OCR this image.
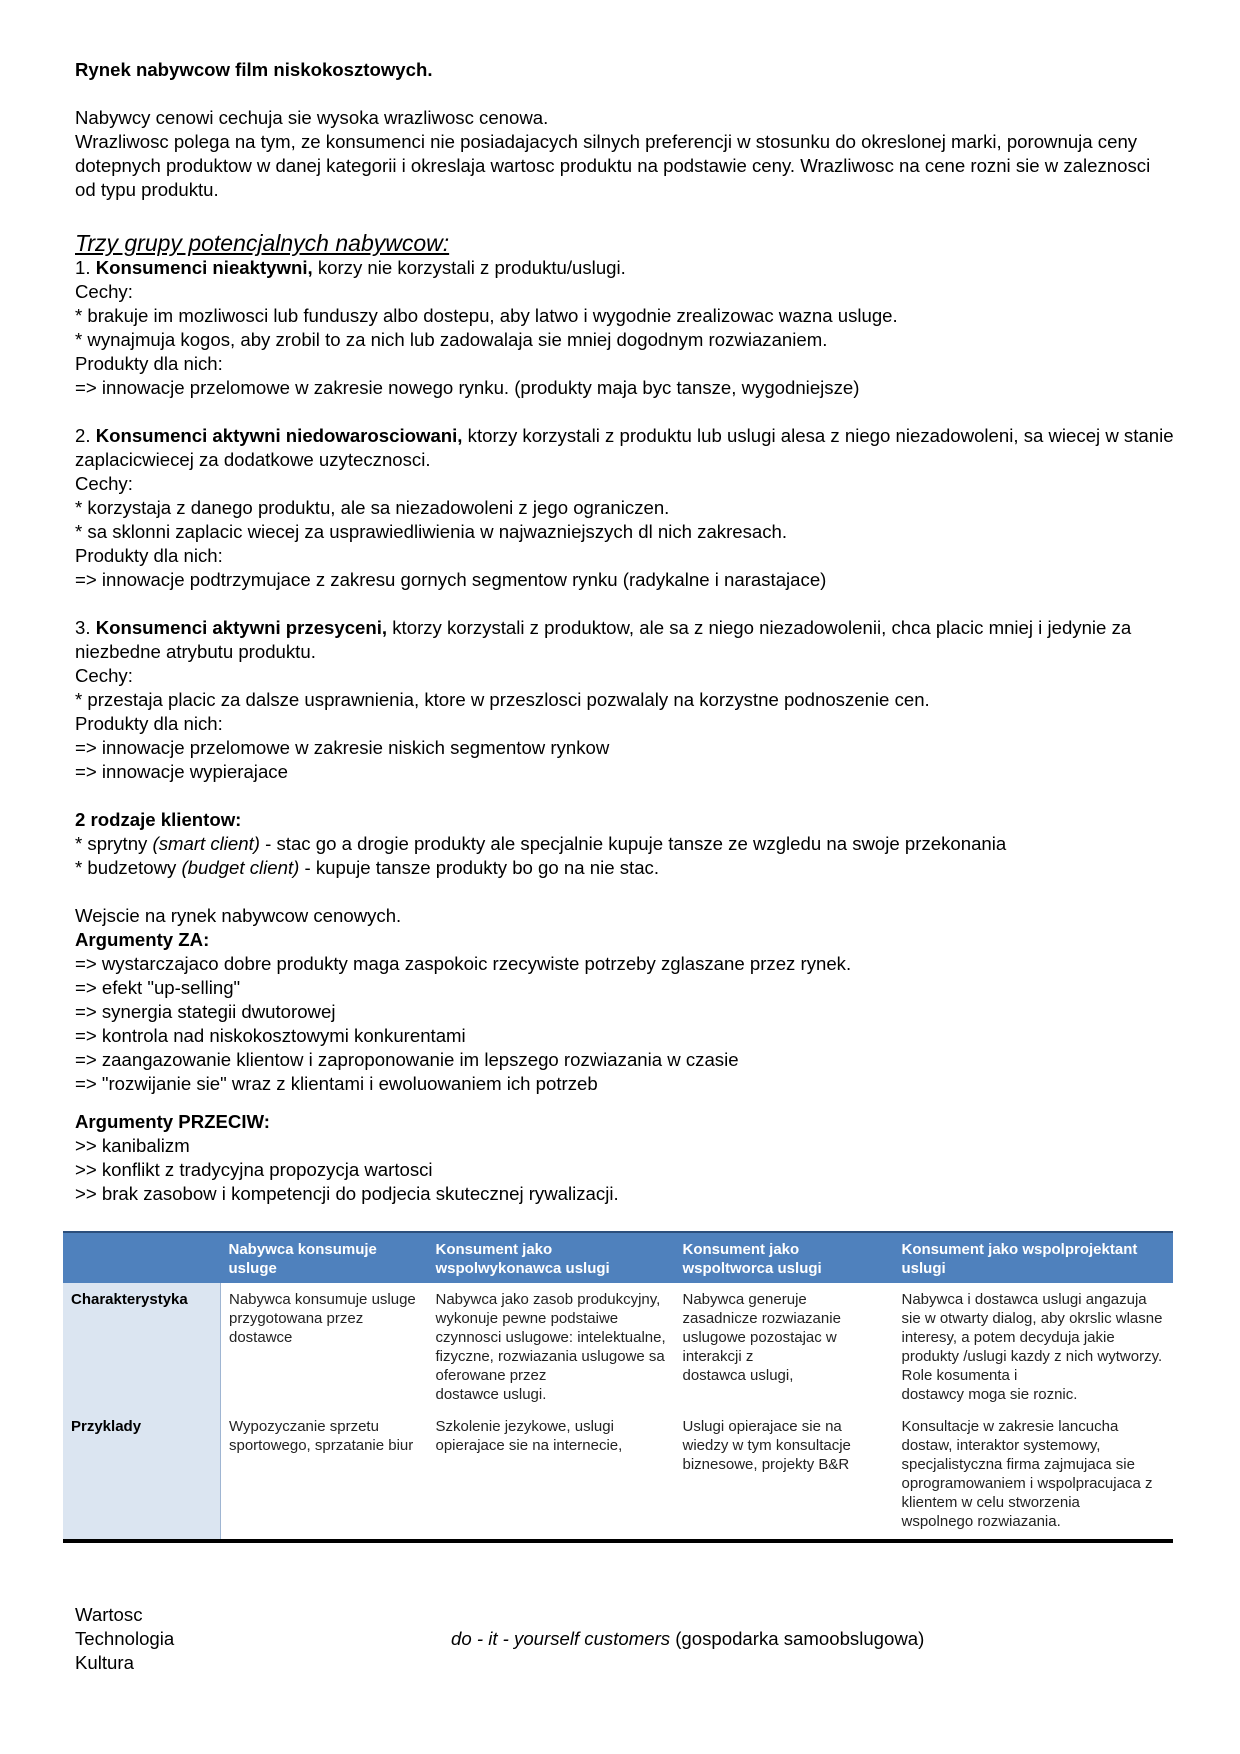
Rynek nabywcow film niskokosztowych.

Nabywcy cenowi cechuja sie wysoka wrazliwosc cenowa.

Wrazliwosc polega na tym, ze konsumenci nie posiadajacych silnych preferencji w stosunku do okreslonej marki, porownuja ceny dotepnych produktow w danej kategorii i okreslaja wartosc produktu na podstawie ceny. Wrazliwosc na cene rozni sie w zaleznosci od typu produktu.

Trzy grupy potencjalnych nabywcow:

1. Konsumenci nieaktywni, korzy nie korzystali z produktu/uslugi.

Cechy:

* brakuje im mozliwosci lub funduszy albo dostepu, aby latwo i wygodnie zrealizowac wazna usluge.

* wynajmuja kogos, aby zrobil to za nich lub zadowalaja sie mniej dogodnym rozwiazaniem.

Produkty dla nich:

=> innowacje przelomowe w zakresie nowego rynku. (produkty maja byc tansze, wygodniejsze)

2. Konsumenci aktywni niedowarosciowani, ktorzy korzystali z produktu lub uslugi alesa z niego niezadowoleni, sa wiecej w stanie zaplacicwiecej za dodatkowe uzytecznosci.

Cechy:

* korzystaja z danego produktu, ale sa niezadowoleni z jego ograniczen.

* sa sklonni zaplacic wiecej za usprawiedliwienia w najwazniejszych dl nich zakresach.

Produkty dla nich:

=> innowacje podtrzymujace z zakresu gornych segmentow rynku (radykalne i narastajace)

3. Konsumenci aktywni przesyceni, ktorzy korzystali z produktow, ale sa z niego niezadowolenii, chca placic mniej i jedynie za niezbedne atrybutu produktu.

Cechy:

* przestaja placic za dalsze usprawnienia, ktore w przeszlosci pozwalaly na korzystne podnoszenie cen.

Produkty dla nich:

=> innowacje przelomowe w zakresie niskich segmentow rynkow

=> innowacje wypierajace

2 rodzaje klientow:

* sprytny (smart client) - stac go a drogie produkty ale specjalnie kupuje tansze ze wzgledu na swoje przekonania

* budzetowy (budget client) - kupuje tansze produkty bo go na nie stac.

Wejscie na rynek nabywcow cenowych.

Argumenty ZA:

=> wystarczajaco dobre produkty maga zaspokoic rzecywiste potrzeby zglaszane przez rynek.

=> efekt "up-selling"

=> synergia stategii dwutorowej

=> kontrola nad niskokosztowymi konkurentami

=> zaangazowanie klientow i zaproponowanie im lepszego rozwiazania w czasie

=> "rozwijanie sie" wraz z klientami i ewoluowaniem ich potrzeb

Argumenty PRZECIW:

>> kanibalizm

>> konflikt z tradycyjna propozycja wartosci

>> brak zasobow i kompetencji do podjecia skutecznej rywalizacji.

	Nabywca konsumuje usluge	Konsument jako wspolwykonawca uslugi	Konsument jako wspoltworca uslugi	Konsument jako wspolprojektant uslugi
Charakterystyka	Nabywca konsumuje usluge przygotowana przez
dostawce	Nabywca jako zasob produkcyjny, wykonuje pewne podstaiwe czynnosci uslugowe: intelektualne, fizyczne, rozwiazania uslugowe sa oferowane przez
dostawce uslugi.	Nabywca generuje zasadnicze rozwiazanie uslugowe pozostajac w interakcji z
dostawca uslugi,	Nabywca i dostawca uslugi angazuja sie w otwarty dialog, aby okrslic wlasne interesy, a potem decyduja jakie produkty /uslugi kazdy z nich wytworzy. Role kosumenta i
dostawcy moga sie roznic.
Przyklady	Wypozyczanie sprzetu sportowego, sprzatanie biur	Szkolenie jezykowe, uslugi opierajace sie na internecie,	Uslugi opierajace sie na wiedzy w tym konsultacje biznesowe, projekty B&R	Konsultacje w zakresie lancucha dostaw, interaktor systemowy, specjalistyczna firma zajmujaca sie oprogramowaniem i wspolpracujaca z klientem w celu stworzenia
wspolnego rozwiazania.
Wartosc
Technologia
Kultura
do - it - yourself customers (gospodarka samoobslugowa)
